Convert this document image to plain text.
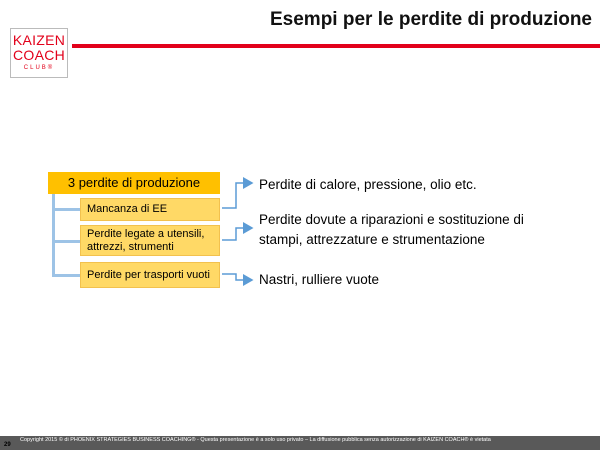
Esempi per le perdite di produzione
KAIZEN
COACH
CLUB®
3 perdite di produzione
Mancanza di EE
Perdite legate a utensili, attrezzi, strumenti
Perdite per trasporti vuoti
Perdite di calore, pressione, olio etc.
Perdite dovute a riparazioni e sostituzione di stampi, attrezzature e strumentazione
Nastri, rulliere vuote
Copyright 2015 © di PHOENIX STRATEGIES BUSINESS COACHING® - Questa presentazione è a solo uso privato – La diffusione pubblica senza autorizzazione di KAIZEN COACH® è vietata
29
